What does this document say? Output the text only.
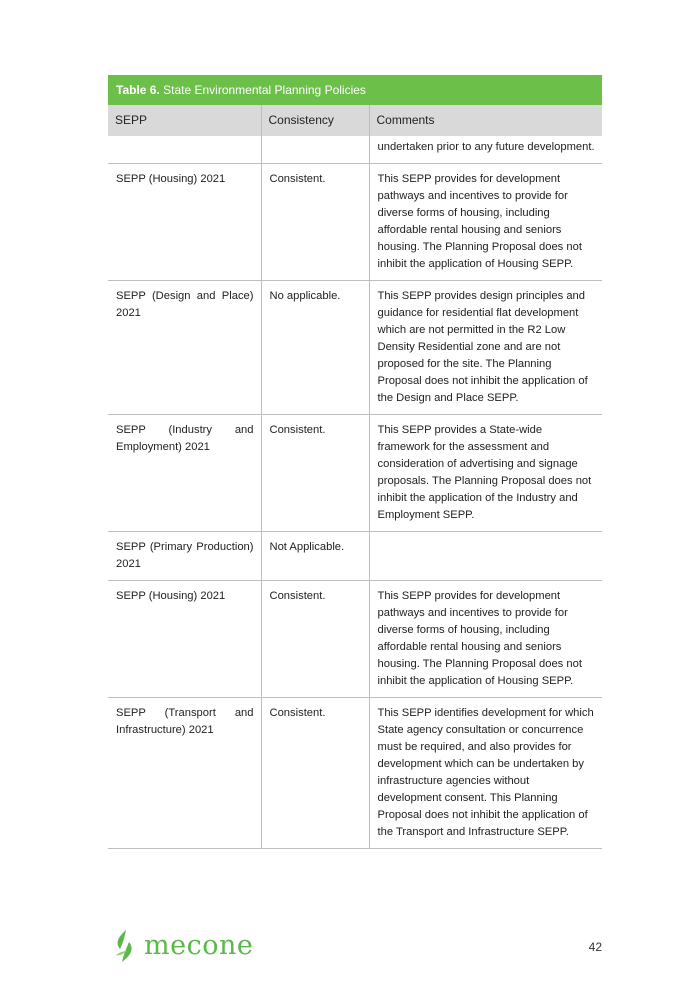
Table 6. State Environmental Planning Policies
SEPP	Consistency	Comments
		undertaken prior to any future development.
SEPP (Housing) 2021	Consistent.	This SEPP provides for development pathways and incentives to provide for diverse forms of housing, including affordable rental housing and seniors housing. The Planning Proposal does not inhibit the application of Housing SEPP.
SEPP (Design and Place) 2021	No applicable.	This SEPP provides design principles and guidance for residential flat development which are not permitted in the R2 Low Density Residential zone and are not proposed for the site. The Planning Proposal does not inhibit the application of the Design and Place SEPP.
SEPP (Industry and Employment) 2021	Consistent.	This SEPP provides a State-wide framework for the assessment and consideration of advertising and signage proposals. The Planning Proposal does not inhibit the application of the Industry and Employment SEPP.
SEPP (Primary Production) 2021	Not Applicable.	
SEPP (Housing) 2021	Consistent.	This SEPP provides for development pathways and incentives to provide for diverse forms of housing, including affordable rental housing and seniors housing. The Planning Proposal does not inhibit the application of Housing SEPP.
SEPP (Transport and Infrastructure) 2021	Consistent.	This SEPP identifies development for which State agency consultation or concurrence must be required, and also provides for development which can be undertaken by infrastructure agencies without development consent. This Planning Proposal does not inhibit the application of the Transport and Infrastructure SEPP.
mecone	42
